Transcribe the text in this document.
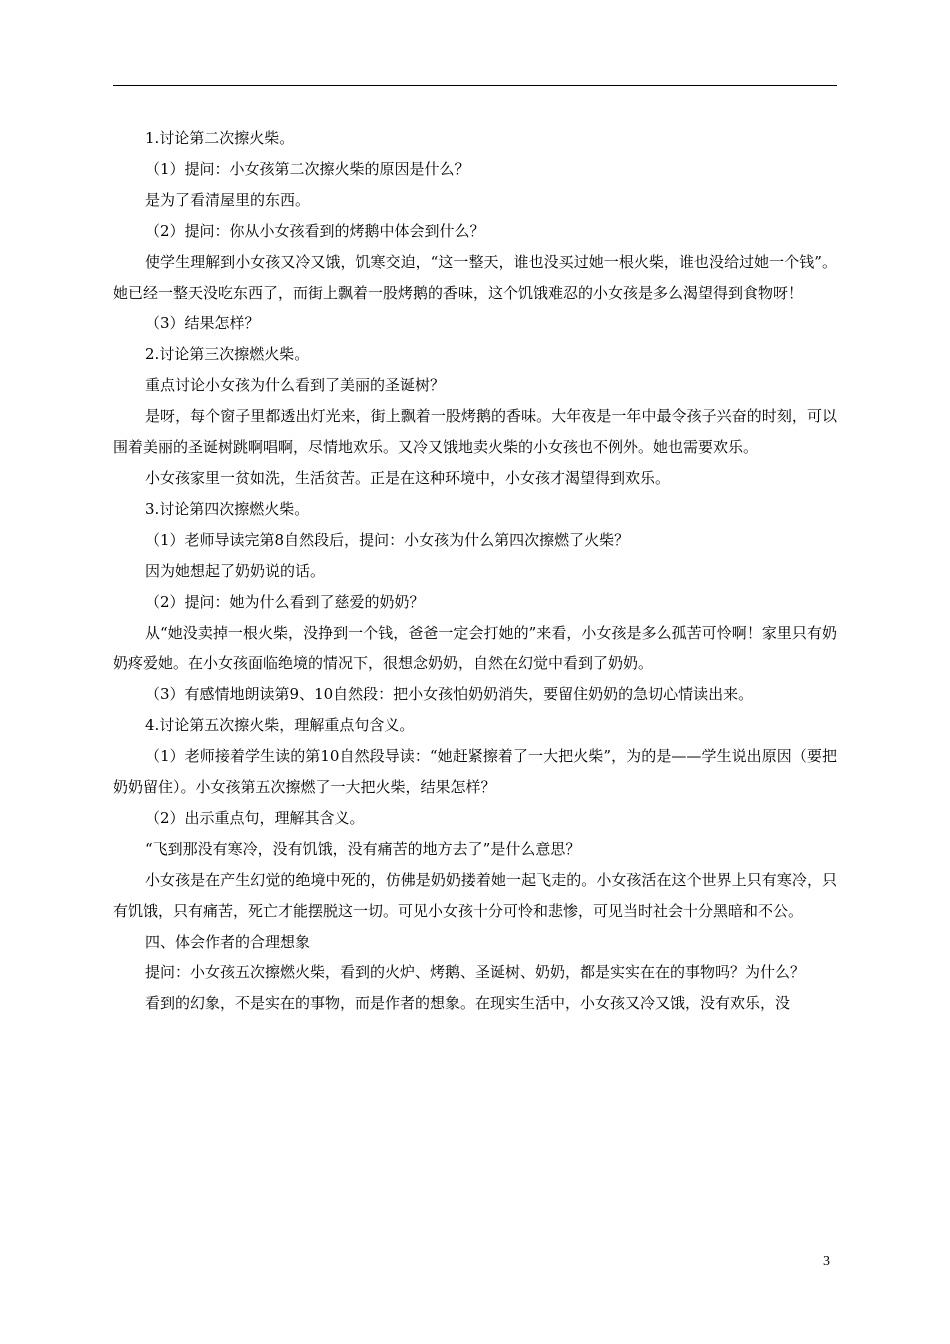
1.讨论第二次擦火柴。

（1）提问：小女孩第二次擦火柴的原因是什么？

是为了看清屋里的东西。

（2）提问：你从小女孩看到的烤鹅中体会到什么？

使学生理解到小女孩又冷又饿，饥寒交迫，“这一整天，谁也没买过她一根火柴，谁也没给过她一个钱”。她已经一整天没吃东西了，而街上飘着一股烤鹅的香味，这个饥饿难忍的小女孩是多么渴望得到食物呀！

（3）结果怎样？

2.讨论第三次擦燃火柴。

重点讨论小女孩为什么看到了美丽的圣诞树？

是呀，每个窗子里都透出灯光来，街上飘着一股烤鹅的香味。大年夜是一年中最令孩子兴奋的时刻，可以围着美丽的圣诞树跳啊唱啊，尽情地欢乐。又冷又饿地卖火柴的小女孩也不例外。她也需要欢乐。

小女孩家里一贫如洗，生活贫苦。正是在这种环境中，小女孩才渴望得到欢乐。

3.讨论第四次擦燃火柴。

（1）老师导读完第8自然段后，提问：小女孩为什么第四次擦燃了火柴？

因为她想起了奶奶说的话。

（2）提问：她为什么看到了慈爱的奶奶？

从“她没卖掉一根火柴，没挣到一个钱，爸爸一定会打她的”来看，小女孩是多么孤苦可怜啊！家里只有奶奶疼爱她。在小女孩面临绝境的情况下，很想念奶奶，自然在幻觉中看到了奶奶。

（3）有感情地朗读第9、10自然段：把小女孩怕奶奶消失，要留住奶奶的急切心情读出来。

4.讨论第五次擦火柴，理解重点句含义。

（1）老师接着学生读的第10自然段导读：“她赶紧擦着了一大把火柴”，为的是——学生说出原因（要把奶奶留住）。小女孩第五次擦燃了一大把火柴，结果怎样？

（2）出示重点句，理解其含义。

“飞到那没有寒冷，没有饥饿，没有痛苦的地方去了”是什么意思？

小女孩是在产生幻觉的绝境中死的，仿佛是奶奶搂着她一起飞走的。小女孩活在这个世界上只有寒冷，只有饥饿，只有痛苦，死亡才能摆脱这一切。可见小女孩十分可怜和悲惨，可见当时社会十分黑暗和不公。

四、体会作者的合理想象

提问：小女孩五次擦燃火柴，看到的火炉、烤鹅、圣诞树、奶奶，都是实实在在的事物吗？为什么？

看到的幻象，不是实在的事物，而是作者的想象。在现实生活中，小女孩又冷又饿，没有欢乐，没

3
